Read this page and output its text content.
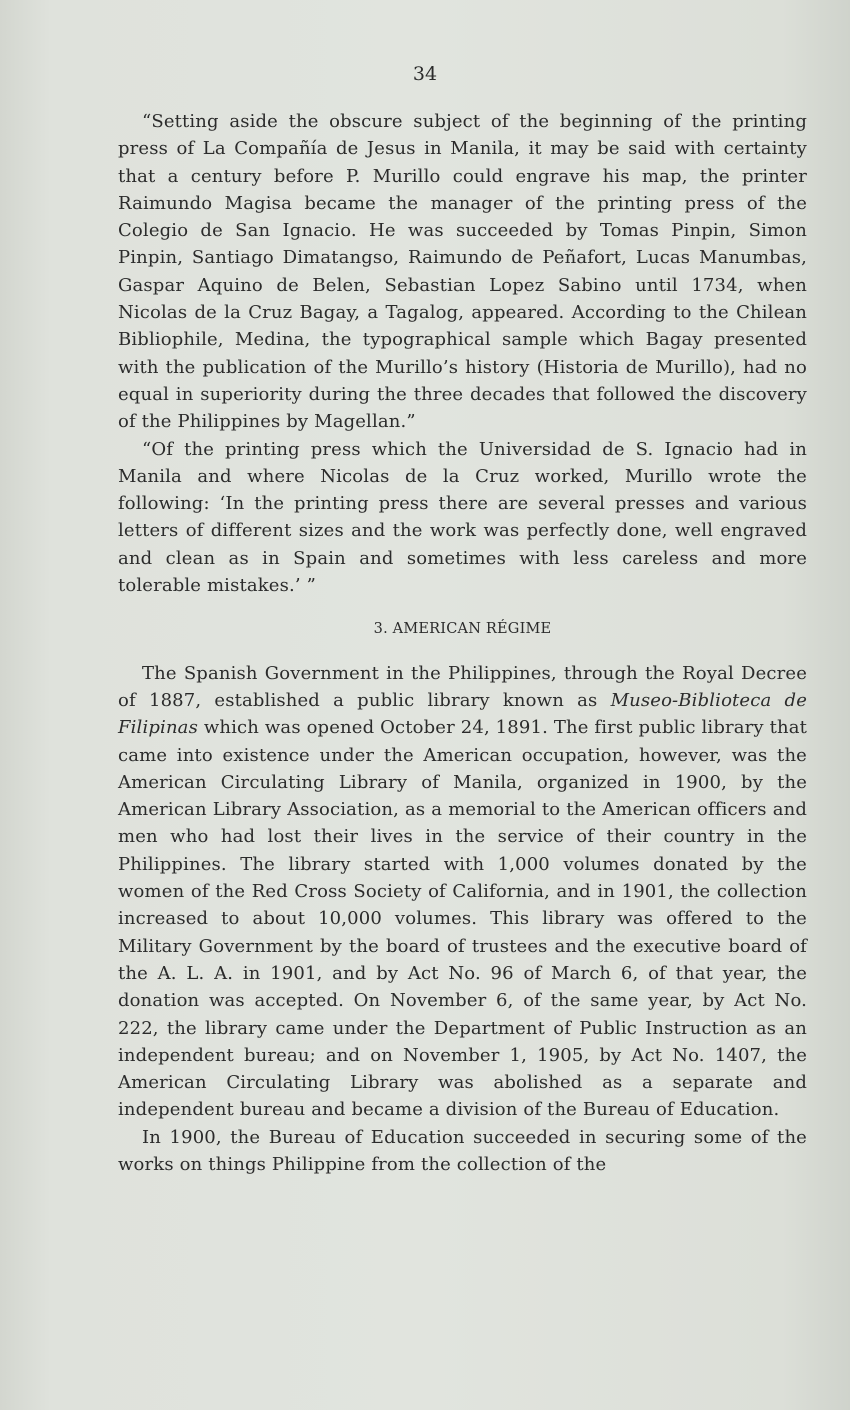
34

“Setting aside the obscure subject of the beginning of the printing press of La Compañía de Jesus in Manila, it may be said with certainty that a century before P. Murillo could engrave his map, the printer Raimundo Magisa became the manager of the printing press of the Colegio de San Ignacio. He was succeeded by Tomas Pinpin, Simon Pinpin, Santiago Dimatangso, Raimundo de Peñafort, Lucas Manumbas, Gaspar Aquino de Belen, Sebastian Lopez Sabino until 1734, when Nicolas de la Cruz Bagay, a Tagalog, appeared. According to the Chilean Bibliophile, Medina, the typographical sample which Bagay presented with the publication of the Murillo’s history (Historia de Murillo), had no equal in superiority during the three decades that followed the discovery of the Philippines by Magellan.”

“Of the printing press which the Universidad de S. Ignacio had in Manila and where Nicolas de la Cruz worked, Murillo wrote the following: ‘In the printing press there are several presses and various letters of different sizes and the work was perfectly done, well engraved and clean as in Spain and sometimes with less careless and more tolerable mistakes.’ ”

3. AMERICAN RÉGIME

The Spanish Government in the Philippines, through the Royal Decree of 1887, established a public library known as Museo-Biblioteca de Filipinas which was opened October 24, 1891. The first public library that came into existence under the American occupation, however, was the American Circulating Library of Manila, organized in 1900, by the American Library Association, as a memorial to the American officers and men who had lost their lives in the service of their country in the Philippines. The library started with 1,000 volumes donated by the women of the Red Cross Society of California, and in 1901, the collection increased to about 10,000 volumes. This library was offered to the Military Government by the board of trustees and the executive board of the A. L. A. in 1901, and by Act No. 96 of March 6, of that year, the donation was accepted. On November 6, of the same year, by Act No. 222, the library came under the Department of Public Instruction as an independent bureau; and on November 1, 1905, by Act No. 1407, the American Circulating Library was abolished as a separate and independent bureau and became a division of the Bureau of Education.

In 1900, the Bureau of Education succeeded in securing some of the works on things Philippine from the collection of the
